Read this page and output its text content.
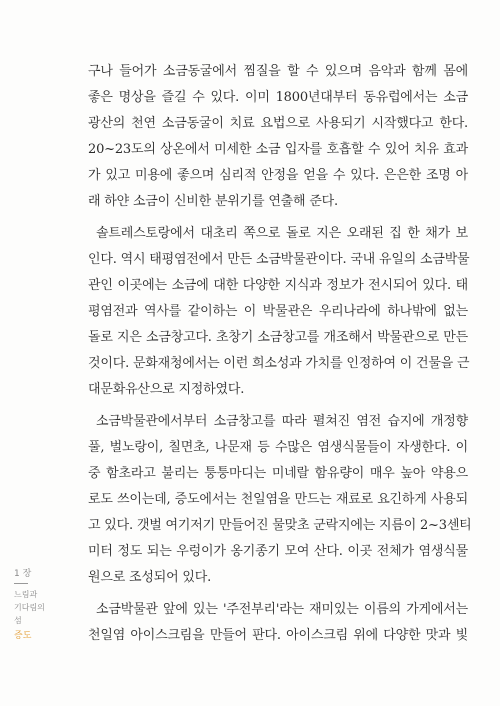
구나 들어가 소금동굴에서 찜질을 할 수 있으며 음악과 함께 몸에
좋은 명상을 즐길 수 있다. 이미 1800년대부터 동유럽에서는 소금
광산의 천연 소금동굴이 치료 요법으로 사용되기 시작했다고 한다.
20~23도의 상온에서 미세한 소금 입자를 호흡할 수 있어 치유 효과
가 있고 미용에 좋으며 심리적 안정을 얻을 수 있다. 은은한 조명 아
래 하얀 소금이 신비한 분위기를 연출해 준다.
솔트레스토랑에서 대초리 쪽으로 돌로 지은 오래된 집 한 채가 보
인다. 역시 태평염전에서 만든 소금박물관이다. 국내 유일의 소금박물
관인 이곳에는 소금에 대한 다양한 지식과 정보가 전시되어 있다. 태
평염전과 역사를 같이하는 이 박물관은 우리나라에 하나밖에 없는
돌로 지은 소금창고다. 초창기 소금창고를 개조해서 박물관으로 만든
것이다. 문화재청에서는 이런 희소성과 가치를 인정하여 이 건물을 근
대문화유산으로 지정하였다.
소금박물관에서부터 소금창고를 따라 펼쳐진 염전 습지에 개정향
풀, 벌노랑이, 칠면초, 나문재 등 수많은 염생식물들이 자생한다. 이
중 함초라고 불리는 퉁퉁마디는 미네랄 함유량이 매우 높아 약용으
로도 쓰이는데, 증도에서는 천일염을 만드는 재료로 요긴하게 사용되
고 있다. 갯벌 여기저기 만들어진 물맞초 군락지에는 지름이 2~3센티
미터 정도 되는 우렁이가 옹기종기 모여 산다. 이곳 전체가 염생식물
원으로 조성되어 있다.
소금박물관 앞에 있는 '주전부리'라는 재미있는 이름의 가게에서는
천일염 아이스크림을 만들어 판다. 아이스크림 위에 다양한 맛과 빛
1 장
느림과
기다림의
섬
증도
